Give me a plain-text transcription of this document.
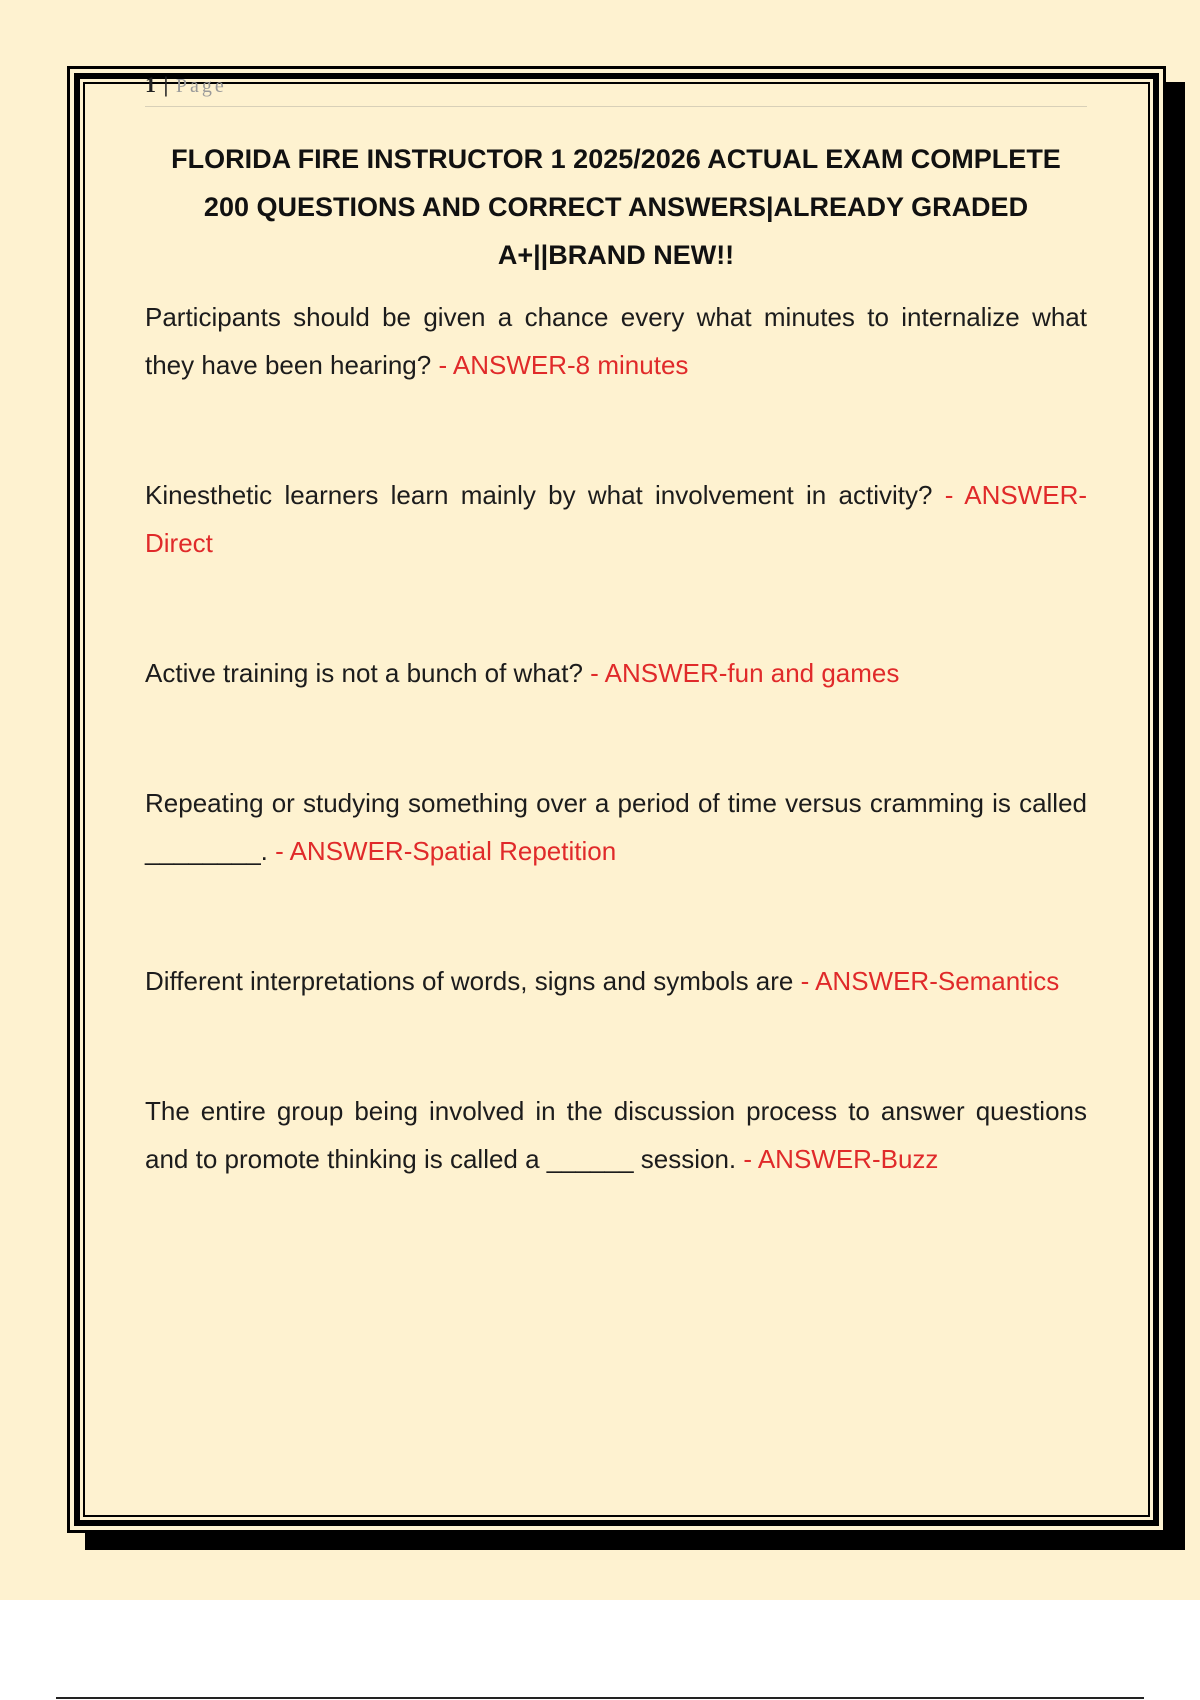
1 | Page
FLORIDA FIRE INSTRUCTOR 1 2025/2026 ACTUAL EXAM COMPLETE
200 QUESTIONS AND CORRECT ANSWERS|ALREADY GRADED
A+||BRAND NEW!!

Participants should be given a chance every what minutes to internalize what they have been hearing? - ANSWER-8 minutes

Kinesthetic learners learn mainly by what involvement in activity? - ANSWER-Direct

Active training is not a bunch of what? - ANSWER-fun and games

Repeating or studying something over a period of time versus cramming is called ________. - ANSWER-Spatial Repetition

Different interpretations of words, signs and symbols are - ANSWER-Semantics

The entire group being involved in the discussion process to answer questions and to promote thinking is called a ______ session. - ANSWER-Buzz
